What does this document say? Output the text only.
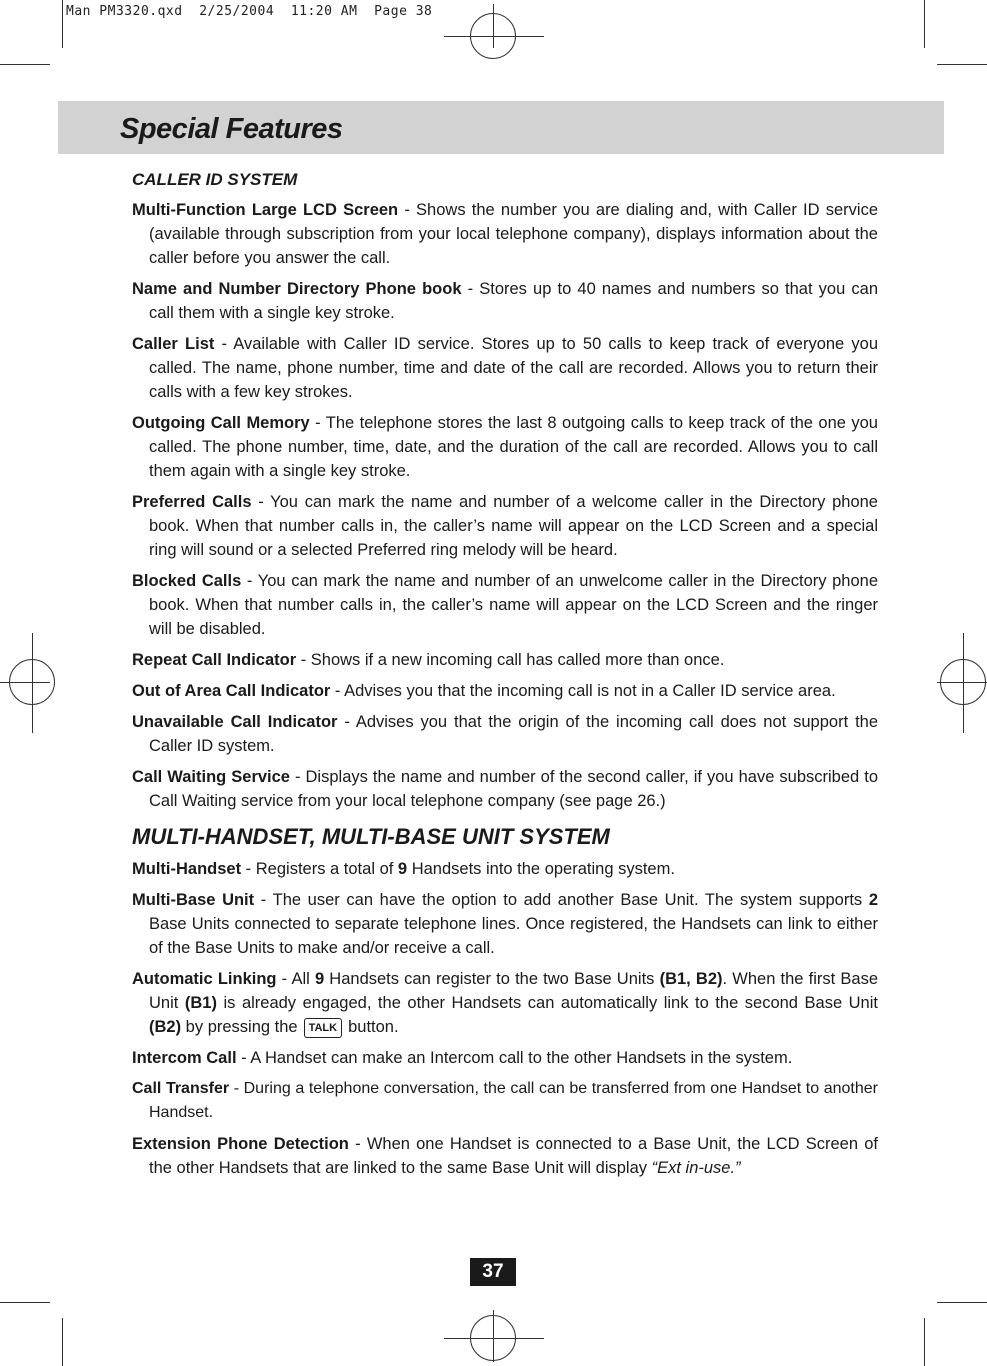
Man PM3320.qxd  2/25/2004  11:20 AM  Page 38
Special Features
CALLER ID SYSTEM

Multi-Function Large LCD Screen - Shows the number you are dialing and, with Caller ID service (available through subscription from your local telephone company), displays information about the caller before you answer the call.

Name and Number Directory Phone book - Stores up to 40 names and numbers so that you can call them with a single key stroke.

Caller List - Available with Caller ID service. Stores up to 50 calls to keep track of everyone you called. The name, phone number, time and date of the call are recorded. Allows you to return their calls with a few key strokes.

Outgoing Call Memory - The telephone stores the last 8 outgoing calls to keep track of the one you called. The phone number, time, date, and the duration of the call are recorded. Allows you to call them again with a single key stroke.

Preferred Calls - You can mark the name and number of a welcome caller in the Directory phone book. When that number calls in, the caller’s name will appear on the LCD Screen and a special ring will sound or a selected Preferred ring melody will be heard.

Blocked Calls - You can mark the name and number of an unwelcome caller in the Directory phone book. When that number calls in, the caller’s name will appear on the LCD Screen and the ringer will be disabled.

Repeat Call Indicator - Shows if a new incoming call has called more than once.

Out of Area Call Indicator - Advises you that the incoming call is not in a Caller ID service area.

Unavailable Call Indicator - Advises you that the origin of the incoming call does not support the Caller ID system.

Call Waiting Service - Displays the name and number of the second caller, if you have subscribed to Call Waiting service from your local telephone company (see page 26.)

MULTI-HANDSET, MULTI-BASE UNIT SYSTEM

Multi-Handset - Registers a total of 9 Handsets into the operating system.

Multi-Base Unit - The user can have the option to add another Base Unit. The system supports 2 Base Units connected to separate telephone lines. Once registered, the Handsets can link to either of the Base Units to make and/or receive a call.

Automatic Linking - All 9 Handsets can register to the two Base Units (B1, B2). When the first Base Unit (B1) is already engaged, the other Handsets can automatically link to the second Base Unit (B2) by pressing the TALK button.

Intercom Call - A Handset can make an Intercom call to the other Handsets in the system.

Call Transfer - During a telephone conversation, the call can be transferred from one Handset to another Handset.

Extension Phone Detection - When one Handset is connected to a Base Unit, the LCD Screen of the other Handsets that are linked to the same Base Unit will display “Ext in-use.”

37
